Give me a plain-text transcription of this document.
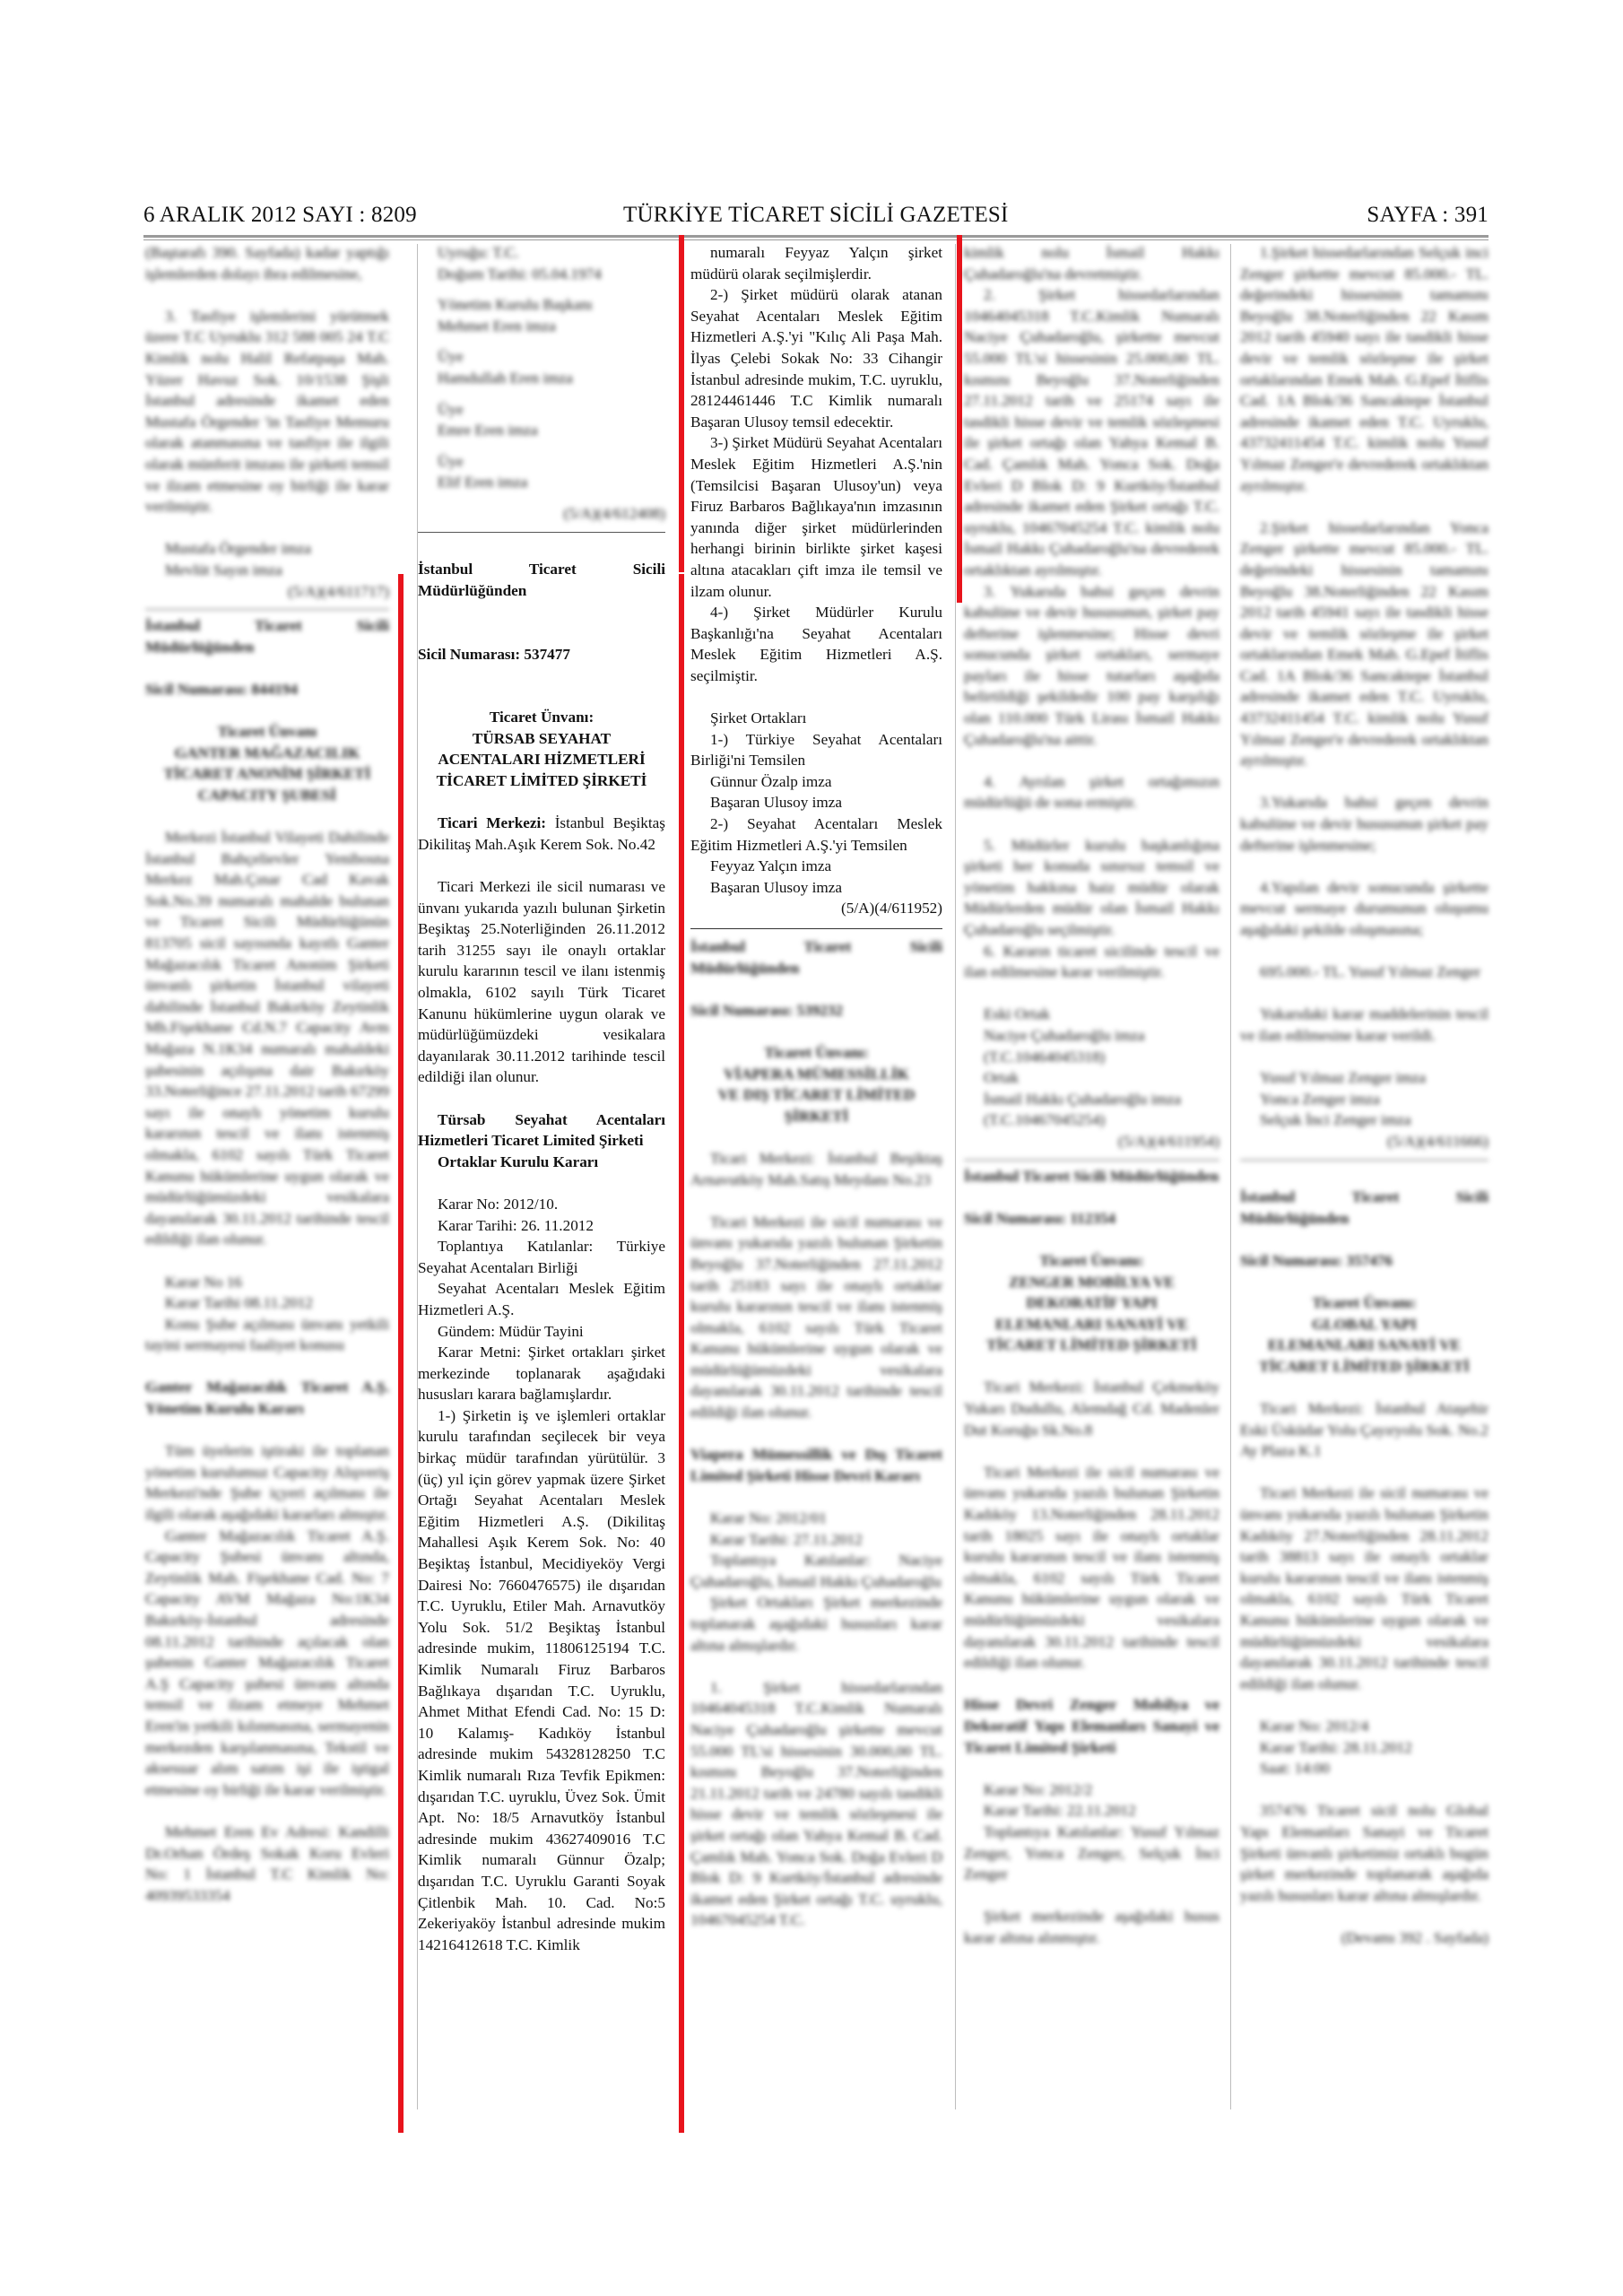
6 ARALIK 2012 SAYI : 8209	TÜRKİYE TİCARET SİCİLİ GAZETESİ	SAYFA : 391

(Baştarafı 390. Sayfada) kadar yaptığı işlemlerden dolayı ibra edilmesine,

3. Tasfiye işlemlerini yürütmek üzere T.C Uyruklu 312 588 005 24 T.C Kimlik nolu Halil Refatpaşa Mah. Yüzer Havuz Sok. 10/1538 Şişli İstanbul adresinde ikamet eden Mustafa Örgender 'in Tasfiye Memuru olarak atanmasına ve tasfiye ile ilgili olarak münferit imzası ile şirketi temsil ve ilzam etmesine oy birliği ile karar verilmiştir.

Mustafa Örgender imza

Mevlüt Sayın imza

(5/A)(4/611717)

İstanbul Ticaret Sicili Müdürlüğünden

Sicil Numarası: 844194

Ticaret Ünvanı

GANTER MAĞAZACILIK

TİCARET ANONİM ŞİRKETİ

CAPACITY ŞUBESİ

Merkezi İstanbul Vilayeti Dahilinde İstanbul Bahçelievler Yenibosna Merkez Mah.Çınar Cad Kavak Sok.No.39 numaralı mahalde bulunan ve Ticaret Sicili Müdürlüğünün 813705 sicil sayısında kayıtlı Ganter Mağazacılık Ticaret Anonim Şirketi ünvanlı şirketin İstanbul vilayeti dahilinde İstanbul Bakırköy Zeytinlik Mh.Fişekhane Cd.N.7 Capacity Avm Mağaza N.1K34 numaralı mahaldeki şubesinin açılışına dair Bakırköy 33.Noterliğince 27.11.2012 tarih 67299 sayı ile onaylı yönetim kurulu kararının tescil ve ilanı istenmiş olmakla, 6102 sayılı Türk Ticaret Kanunu hükümlerine uygun olarak ve müdürlüğümüzdeki vesikalara dayanılarak 30.11.2012 tarihinde tescil edildiği ilan olunur.

Karar No 16

Karar Tarihi 08.11.2012

Konu Şube açılması ünvanı yetkili tayini sermayesi faaliyet konusu

Ganter Mağazacılık Ticaret A.Ş. Yönetim Kurulu Kararı

Tüm üyelerin iştiraki ile toplanan yönetim kurulumuz Capacity Alışveriş Merkezi'nde Şube içyeri açılması ile ilgili olarak aşağıdaki kararları almıştır.

Ganter Mağazacılık Ticaret A.Ş. Capacity Şubesi ünvanı altında, Zeytinlik Mah. Fişekhane Cad. No: 7 Capacity AVM Mağaza No:1K34 Bakırköy-İstanbul adresinde 08.11.2012 tarihinde açılacak olan şubenin Ganter Mağazacılık Ticaret A.Ş Capacity şubesi ünvanı altında temsil ve ilzam etmeye Mehmet Eren'in yetkili kılınmasına, sermayenin merkezden karşılanmasına, Tekstil ve aksesuar alım satım işi ile iştigal etmesine oy birliği ile karar verilmiştir.

Mehmet Eren Ev Adresi: Kandilli Dr.Orhan Ördeş Sokak Koru Evleri No: 1 İstanbul T.C Kimlik No: 40939533354

Uyruğu: T.C.

Doğum Tarihi: 05.04.1974

Yönetim Kurulu Başkanı

Mehmet Eren imza

Üye

Hamdullah Eren imza

Üye

Emre Eren imza

Üye

Elif Eren imza

(5/A)(4/612408)

İstanbul Ticaret Sicili Müdürlüğünden

Sicil Numarası: 537477

Ticaret Ünvanı:

TÜRSAB SEYAHAT

ACENTALARI HİZMETLERİ

TİCARET LİMİTED ŞİRKETİ

Ticari Merkezi: İstanbul Beşiktaş Dikilitaş Mah.Aşık Kerem Sok. No.42

Ticari Merkezi ile sicil numarası ve ünvanı yukarıda yazılı bulunan Şirketin Beşiktaş 25.Noterliğinden 26.11.2012 tarih 31255 sayı ile onaylı ortaklar kurulu kararının tescil ve ilanı istenmiş olmakla, 6102 sayılı Türk Ticaret Kanunu hükümlerine uygun olarak ve müdürlüğümüzdeki vesikalara dayanılarak 30.11.2012 tarihinde tescil edildiği ilan olunur.

Türsab Seyahat Acentaları Hizmetleri Ticaret Limited Şirketi

Ortaklar Kurulu Kararı

Karar No: 2012/10.

Karar Tarihi: 26. 11.2012

Toplantıya Katılanlar: Türkiye Seyahat Acentaları Birliği

Seyahat Acentaları Meslek Eğitim Hizmetleri A.Ş.

Gündem: Müdür Tayini

Karar Metni: Şirket ortakları şirket merkezinde toplanarak aşağıdaki hususları karara bağlamışlardır.

1-) Şirketin iş ve işlemleri ortaklar kurulu tarafından seçilecek bir veya birkaç müdür tarafından yürütülür. 3 (üç) yıl için görev yapmak üzere Şirket Ortağı Seyahat Acentaları Meslek Eğitim Hizmetleri A.Ş. (Dikilitaş Mahallesi Aşık Kerem Sok. No: 40 Beşiktaş İstanbul, Mecidiyeköy Vergi Dairesi No: 7660476575) ile dışarıdan T.C. Uyruklu, Etiler Mah. Arnavutköy Yolu Sok. 51/2 Beşiktaş İstanbul adresinde mukim, 11806125194 T.C. Kimlik Numaralı Firuz Barbaros Bağlıkaya dışarıdan T.C. Uyruklu, Ahmet Mithat Efendi Cad. No: 15 D: 10 Kalamış- Kadıköy İstanbul adresinde mukim 54328128250 T.C Kimlik numaralı Rıza Tevfik Epikmen: dışarıdan T.C. uyruklu, Üvez Sok. Ümit Apt. No: 18/5 Arnavutköy İstanbul adresinde mukim 43627409016 T.C Kimlik numaralı Günnur Özalp; dışarıdan T.C. Uyruklu Garanti Soyak Çitlenbik Mah. 10. Cad. No:5 Zekeriyaköy İstanbul adresinde mukim 14216412618 T.C. Kimlik

numaralı Feyyaz Yalçın şirket müdürü olarak seçilmişlerdir.

2-) Şirket müdürü olarak atanan Seyahat Acentaları Meslek Eğitim Hizmetleri A.Ş.'yi "Kılıç Ali Paşa Mah. İlyas Çelebi Sokak No: 33 Cihangir İstanbul adresinde mukim, T.C. uyruklu, 28124461446 T.C Kimlik numaralı Başaran Ulusoy temsil edecektir.

3-) Şirket Müdürü Seyahat Acentaları Meslek Eğitim Hizmetleri A.Ş.'nin (Temsilcisi Başaran Ulusoy'un) veya Firuz Barbaros Bağlıkaya'nın imzasının yanında diğer şirket müdürlerinden herhangi birinin birlikte şirket kaşesi altına atacakları çift imza ile temsil ve ilzam olunur.

4-) Şirket Müdürler Kurulu Başkanlığı'na Seyahat Acentaları Meslek Eğitim Hizmetleri A.Ş. seçilmiştir.

Şirket Ortakları

1-) Türkiye Seyahat Acentaları Birliği'ni Temsilen

Günnur Özalp imza

Başaran Ulusoy imza

2-) Seyahat Acentaları Meslek Eğitim Hizmetleri A.Ş.'yi Temsilen

Feyyaz Yalçın imza

Başaran Ulusoy imza

(5/A)(4/611952)

İstanbul Ticaret Sicili Müdürlüğünden

Sicil Numarası: 539232

Ticaret Ünvanı:

VİAPERA MÜMESSİLLİK

VE DIŞ TİCARET LİMİTED

ŞİRKETİ

Ticari Merkezi: İstanbul Beşiktaş Arnavutköy Mah.Satış Meydanı No.23

Ticari Merkezi ile sicil numarası ve ünvanı yukarıda yazılı bulunan Şirketin Beyoğlu 37.Noterliğinden 27.11.2012 tarih 25183 sayı ile onaylı ortaklar kurulu kararının tescil ve ilanı istenmiş olmakla, 6102 sayılı Türk Ticaret Kanunu hükümlerine uygun olarak ve müdürlüğümüzdeki vesikalara dayanılarak 30.11.2012 tarihinde tescil edildiği ilan olunur.

Viapera Mümessillik ve Dış Ticaret Limited Şirketi Hisse Devri Kararı

Karar No: 2012/01

Karar Tarihi: 27.11.2012

Toplantıya Katılanlar: Naciye Çuhadaroğlu, İsmail Hakkı Çuhadaroğlu

Şirket Ortakları Şirket merkezinde toplanarak aşağıdaki hususları karar altına almışlardır.

1. Şirket hissedarlarından 10464045318 T.C.Kimlik Numaralı Naciye Çuhadaroğlu şirkette mevcut 55.000 TL'si hissesinin 30.000,00 TL. kısmını Beyoğlu 37.Noterliğinden 21.11.2012 tarih ve 24780 sayılı tasdikli hisse devir ve temlik sözleşmesi ile şirket ortağı olan Yahya Kemal B. Cad. Çamlık Mah. Yonca Sok. Doğa Evleri D Blok D: 9 Kurtköy/İstanbul adresinde ikamet eden Şirket ortağı T.C. uyruklu, 10467045254 T.C.

kimlik nolu İsmail Hakkı Çuhadaroğlu'na devretmiştir.

2. Şirket hissedarlarından 10464045318 T.C.Kimlik Numaralı Naciye Çuhadaroğlu, şirkette mevcut 55.000 TL'si hissesinin 25.000,00 TL. kısmını Beyoğlu 37.Noterliğinden 27.11.2012 tarih ve 25174 sayı ile tasdikli hisse devir ve temlik sözleşmesi ile şirket ortağı olan Yahya Kemal B. Cad. Çamlık Mah. Yonca Sok. Doğa Evleri D Blok D: 9 Kurtköy/İstanbul adresinde ikamet eden Şirket ortağı T.C. uyruklu, 10467045254 T.C. kimlik nolu İsmail Hakkı Çuhadaroğlu'na devrederek ortaklıktan ayrılmıştır.

3. Yukarıda bahsi geçen devrin kabulüne ve devir hususunun, şirket pay defterine işlenmesine; Hisse devri sonucunda şirket ortakları, sermaye payları ile hisse tutarları aşağıda belirtildiği şekildedir 100 pay karşılığı olan 110.000 Türk Lirası İsmail Hakkı Çuhadaroğlu'na aittir.

4. Ayrılan şirket ortağımızın müdürlüğü de sona ermiştir.

5. Müdürler kurulu başkanlığına şirketi her konuda sınırsız temsil ve yönetim hakkına haiz müdür olarak Müdürlerden müdür olan İsmail Hakkı Çuhadaroğlu seçilmiştir.

6. Kararın ticaret sicilinde tescil ve ilan edilmesine karar verilmiştir.

Eski Ortak

Naciye Çuhadaroğlu imza

(T.C.10464045318)

Ortak

İsmail Hakkı Çuhadaroğlu imza

(T.C.10467045254)

(5/A)(4/611954)

İstanbul Ticaret Sicili Müdürlüğünden

Sicil Numarası: 112354

Ticaret Ünvanı:

ZENGER MOBİLYA VE

DEKORATİF YAPI

ELEMANLARI SANAYİ VE

TİCARET LİMİTED ŞİRKETİ

Ticari Merkezi: İstanbul Çekmeköy Yukarı Dudullu, Alemdağ Cd. Madenler Dut Koruğu Sk.No.8

Ticari Merkezi ile sicil numarası ve ünvanı yukarıda yazılı bulunan Şirketin Kadıköy 13.Noterliğinden 28.11.2012 tarih 18025 sayı ile onaylı ortaklar kurulu kararının tescil ve ilanı istenmiş olmakla, 6102 sayılı Türk Ticaret Kanunu hükümlerine uygun olarak ve müdürlüğümüzdeki vesikalara dayanılarak 30.11.2012 tarihinde tescil edildiği ilan olunur.

Hisse Devri Zenger Mobilya ve Dekoratif Yapı Elemanları Sanayi ve Ticaret Limited Şirketi

Karar No: 2012/2

Karar Tarihi: 22.11.2012

Toplantıya Katılanlar: Yusuf Yılmaz Zenger, Yonca Zenger, Selçuk İnci Zenger

Şirket merkezinde aşağıdaki husus karar altına alınmıştır.

1.Şirket hissedarlarından Selçuk inci Zenger şirkette mevcut 85.000.- TL. değerindeki hissesinin tamamını Beyoğlu 38.Noterliğinden 22 Kasım 2012 tarih 45940 sayı ile tasdikli hisse devir ve temlik sözleşme ile şirket ortaklarından Emek Mah. G.Epef İtiflis Cad. 1A Blok/36 Sancaktepe İstanbul adresinde ikamet eden T.C. Uyruklu, 43732411454 T.C. kimlik nolu Yusuf Yılmaz Zenger'e devrederek ortaklıktan ayrılmıştır.

2.Şirket hissedarlarından Yonca Zenger şirkette mevcut 85.000.- TL. değerindeki hissesinin tamamını Beyoğlu 38.Noterliğinden 22 Kasım 2012 tarih 45941 sayı ile tasdikli hisse devir ve temlik sözleşme ile şirket ortaklarından Emek Mah. G.Epef İtiflis Cad. 1A Blok/36 Sancaktepe İstanbul adresinde ikamet eden T.C. Uyruklu, 43732411454 T.C. kimlik nolu Yusuf Yılmaz Zenger'e devrederek ortaklıktan ayrılmıştır.

3.Yukarıda bahsi geçen devrin kabulüne ve devir hususunun şirket pay defterine işlenmesine;

4.Yapılan devir sonucunda şirkette mevcut sermaye durumunun oluşumu aşağıdaki şekilde oluşmasına;

695.000.- TL. Yusuf Yılmaz Zenger

Yukarıdaki karar maddelerinin tescil ve ilan edilmesine karar verildi.

Yusuf Yılmaz Zenger imza

Yonca Zenger imza

Selçuk İnci Zenger imza

(5/A)(4/611666)

İstanbul Ticaret Sicili Müdürlüğünden

Sicil Numarası: 357476

Ticaret Ünvanı:

GLOBAL YAPI

ELEMANLARI SANAYİ VE

TİCARET LİMİTED ŞİRKETİ

Ticari Merkezi: İstanbul Ataşehir Eski Üsküdar Yolu Çayıryolu Sok. No.2 Ay Plaza K.1

Ticari Merkezi ile sicil numarası ve ünvanı yukarıda yazılı bulunan Şirketin Kadıköy 27.Noterliğinden 28.11.2012 tarih 38813 sayı ile onaylı ortaklar kurulu kararının tescil ve ilanı istenmiş olmakla, 6102 sayılı Türk Ticaret Kanunu hükümlerine uygun olarak ve müdürlüğümüzdeki vesikalara dayanılarak 30.11.2012 tarihinde tescil edildiği ilan olunur.

Karar No: 2012/4

Karar Tarihi: 28.11.2012

Saat: 14:00

357476 Ticaret sicil nolu Global Yapı Elemanları Sanayi ve Ticaret Şirketi ünvanlı şirketimiz ortaklı bugün şirket merkezinde toplanarak aşağıda yazılı hususları karar altına almışlardır.

(Devamı 392 . Sayfada)
